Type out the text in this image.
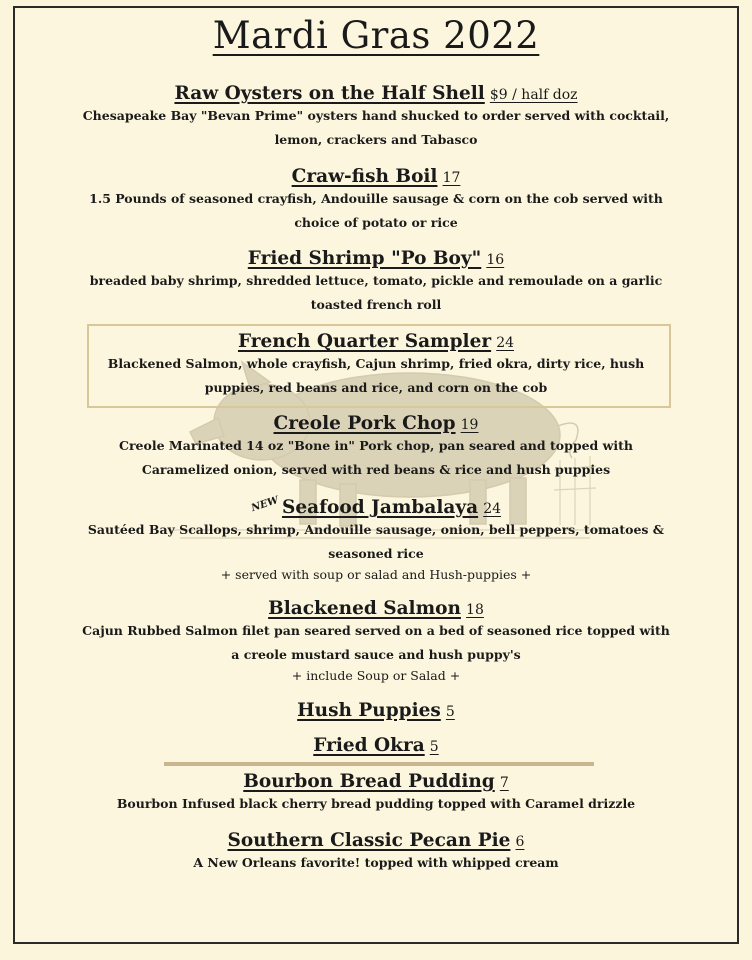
Mardi Gras 2022
Raw Oysters on the Half Shell $9 / half doz
Chesapeake Bay "Bevan Prime" oysters hand shucked to order served with cocktail, lemon, crackers and Tabasco
Craw-fish Boil 17
1.5 Pounds of seasoned crayfish, Andouille sausage & corn on the cob served with choice of potato or rice
Fried Shrimp "Po Boy" 16
breaded baby shrimp, shredded lettuce, tomato, pickle and remoulade on a garlic toasted french roll
French Quarter Sampler 24
Blackened Salmon, whole crayfish, Cajun shrimp, fried okra, dirty rice, hush puppies, red beans and rice, and corn on the cob
Creole Pork Chop 19
Creole Marinated 14 oz "Bone in" Pork chop, pan seared and topped with Caramelized onion, served with red beans & rice and hush puppies
NEW Seafood Jambalaya 24
Sautéed Bay Scallops, shrimp, Andouille sausage, onion, bell peppers, tomatoes & seasoned rice
+ served with soup or salad and Hush-puppies +
Blackened Salmon 18
Cajun Rubbed Salmon filet pan seared served on a bed of seasoned rice topped with a creole mustard sauce and hush puppy's
+ include Soup or Salad +
Hush Puppies 5
Fried Okra 5
Bourbon Bread Pudding 7
Bourbon Infused black cherry bread pudding topped with Caramel drizzle
Southern Classic Pecan Pie 6
A New Orleans favorite! topped with whipped cream
